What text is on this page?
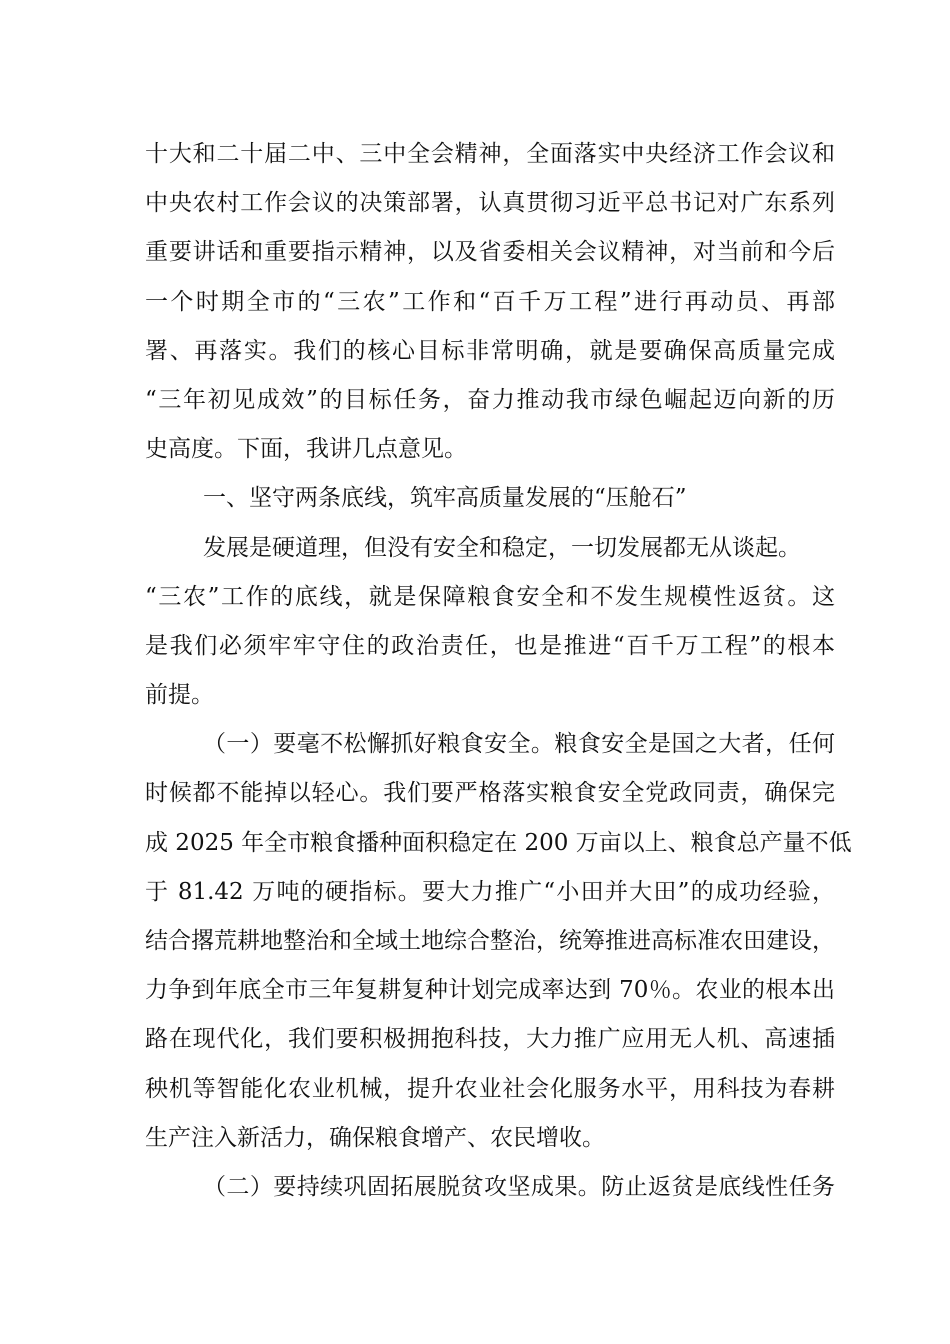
十大和二十届二中、三中全会精神，全面落实中央经济工作会议和
中央农村工作会议的决策部署，认真贯彻习近平总书记对广东系列
重要讲话和重要指示精神，以及省委相关会议精神，对当前和今后
一个时期全市的“三农”工作和“百千万工程”进行再动员、再部
署、再落实。我们的核心目标非常明确，就是要确保高质量完成
“三年初见成效”的目标任务，奋力推动我市绿色崛起迈向新的历
史高度。下面，我讲几点意见。
一、坚守两条底线，筑牢高质量发展的“压舱石”
发展是硬道理，但没有安全和稳定，一切发展都无从谈起。
“三农”工作的底线，就是保障粮食安全和不发生规模性返贫。这
是我们必须牢牢守住的政治责任，也是推进“百千万工程”的根本
前提。
（一）要毫不松懈抓好粮食安全。粮食安全是国之大者，任何
时候都不能掉以轻心。我们要严格落实粮食安全党政同责，确保完
成 2025 年全市粮食播种面积稳定在 200 万亩以上、粮食总产量不低
于 81.42 万吨的硬指标。要大力推广“小田并大田”的成功经验，
结合撂荒耕地整治和全域土地综合整治，统筹推进高标准农田建设，
力争到年底全市三年复耕复种计划完成率达到 70％。农业的根本出
路在现代化，我们要积极拥抱科技，大力推广应用无人机、高速插
秧机等智能化农业机械，提升农业社会化服务水平，用科技为春耕
生产注入新活力，确保粮食增产、农民增收。
（二）要持续巩固拓展脱贫攻坚成果。防止返贫是底线性任务
